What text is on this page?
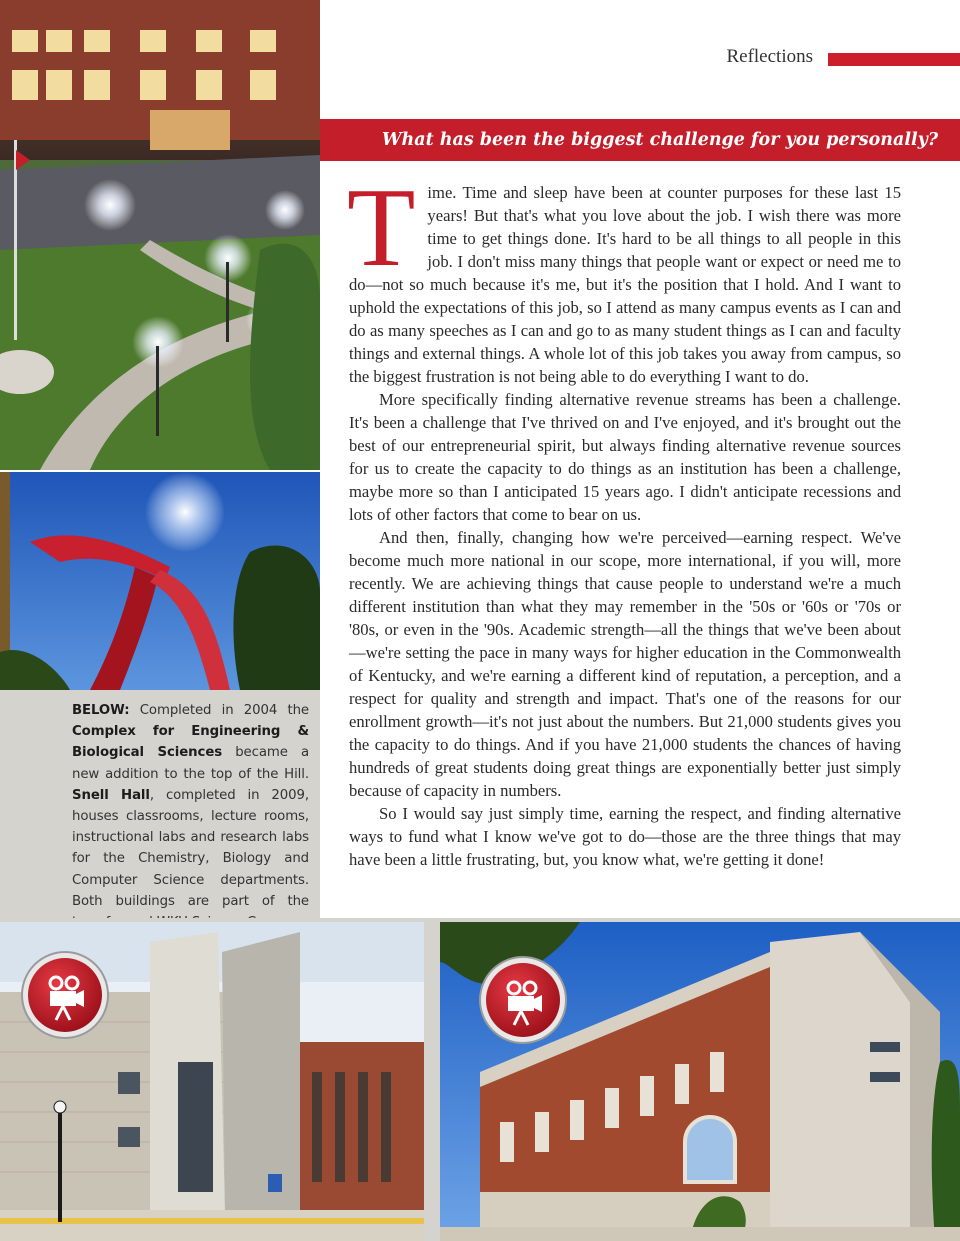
Reflections
BELOW: Completed in 2004 the Complex for Engineering & Biological Sciences became a new addition to the top of the Hill. Snell Hall, completed in 2009, houses classrooms, lecture rooms, instructional labs and research labs for the Chemistry, Biology and Computer Science departments. Both buildings are part of the
What has been the biggest challenge for you personally?

Time. Time and sleep have been at counter purposes for these last 15 years! But that's what you love about the job. I wish there was more time to get things done. It's hard to be all things to all people in this job. I don't miss many things that people want or expect or need me to do—not so much because it's me, but it's the position that I hold. And I want to uphold the expectations of this job, so I attend as many campus events as I can and do as many speeches as I can and go to as many student things as I can and faculty things and external things. A whole lot of this job takes you away from campus, so the biggest frustration is not being able to do everything I want to do.

More specifically finding alternative revenue streams has been a challenge. It's been a challenge that I've thrived on and I've enjoyed, and it's brought out the best of our entrepreneurial spirit, but always finding alternative revenue sources for us to create the capacity to do things as an institution has been a challenge, maybe more so than I anticipated 15 years ago. I didn't anticipate recessions and lots of other factors that come to bear on us.

And then, finally, changing how we're perceived—earning respect. We've become much more national in our scope, more international, if you will, more recently. We are achieving things that cause people to understand we're a much different institution than what they may remember in the '50s or '60s or '70s or '80s, or even in the '90s. Academic strength—all the things that we've been about—we're setting the pace in many ways for higher education in the Commonwealth of Kentucky, and we're earning a different kind of reputation, a perception, and a respect for quality and strength and impact. That's one of the reasons for our enrollment growth—it's not just about the numbers. But 21,000 students gives you the capacity to do things. And if you have 21,000 students the chances of having hundreds of great students doing great things are exponentially better just simply because of capacity in numbers.

So I would say just simply time, earning the respect, and finding alternative ways to fund what I know we've got to do—those are the three things that may have been a little frustrating, but, you know what, we're getting it done!
